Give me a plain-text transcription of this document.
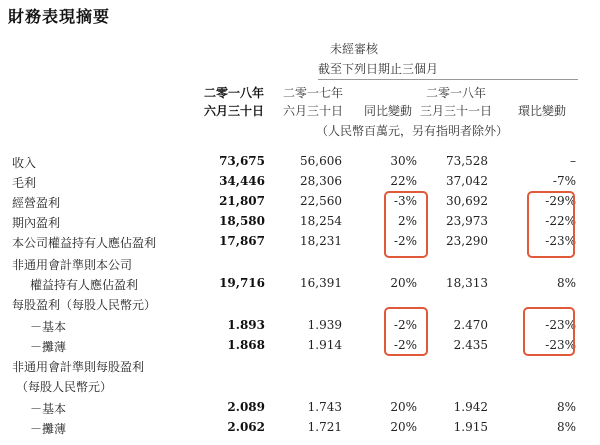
財務表現摘要
未經審核
截至下列日期止三個月
二零一八年
六月三十日
二零一七年
六月三十日 同比變動
二零一八年
三月三十一日 環比變動
（人民幣百萬元，另有指明者除外）
收入	73,675	56,606	30% 73,528	–
毛利	34,446	28,306	22% 37,042	-7%
經營盈利	21,807	22,560	-3% 30,692	-29%
期內盈利	18,580	18,254	2% 23,973	-22%
本公司權益持有人應佔盈利	17,867	18,231	-2% 23,290	-23%
非通用會計準則本公司
權益持有人應佔盈利	19,716	16,391	20% 18,313	8%
每股盈利（每股人民幣元）
－基本	1.893	1.939	-2%	2.470	-23%
－攤薄	1.868	1.914	-2%	2.435	-23%
非通用會計準則每股盈利
（每股人民幣元）
－基本	2.089	1.743	20%	1.942	8%
－攤薄	2.062	1.721	20%	1.915	8%
